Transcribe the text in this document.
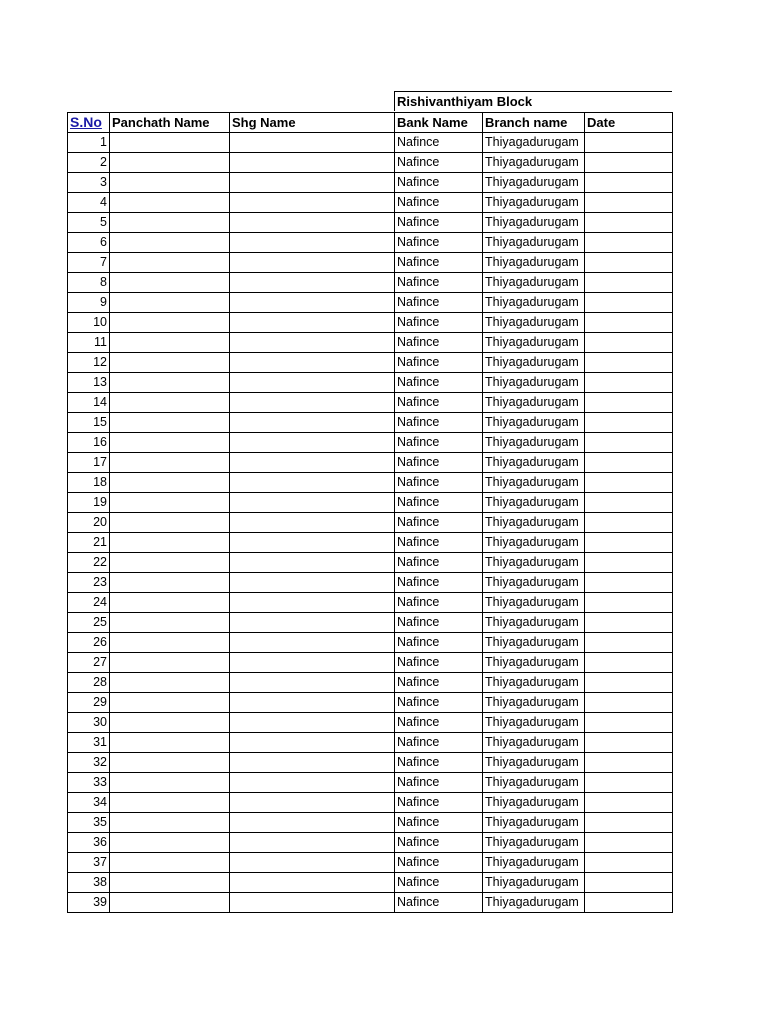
Rishivanthiyam Block
S.No	Panchath Name	Shg Name	Bank Name	Branch name	Date
1			Nafince	Thiyagadurugam	
2			Nafince	Thiyagadurugam	
3			Nafince	Thiyagadurugam	
4			Nafince	Thiyagadurugam	
5			Nafince	Thiyagadurugam	
6			Nafince	Thiyagadurugam	
7			Nafince	Thiyagadurugam	
8			Nafince	Thiyagadurugam	
9			Nafince	Thiyagadurugam	
10			Nafince	Thiyagadurugam	
11			Nafince	Thiyagadurugam	
12			Nafince	Thiyagadurugam	
13			Nafince	Thiyagadurugam	
14			Nafince	Thiyagadurugam	
15			Nafince	Thiyagadurugam	
16			Nafince	Thiyagadurugam	
17			Nafince	Thiyagadurugam	
18			Nafince	Thiyagadurugam	
19			Nafince	Thiyagadurugam	
20			Nafince	Thiyagadurugam	
21			Nafince	Thiyagadurugam	
22			Nafince	Thiyagadurugam	
23			Nafince	Thiyagadurugam	
24			Nafince	Thiyagadurugam	
25			Nafince	Thiyagadurugam	
26			Nafince	Thiyagadurugam	
27			Nafince	Thiyagadurugam	
28			Nafince	Thiyagadurugam	
29			Nafince	Thiyagadurugam	
30			Nafince	Thiyagadurugam	
31			Nafince	Thiyagadurugam	
32			Nafince	Thiyagadurugam	
33			Nafince	Thiyagadurugam	
34			Nafince	Thiyagadurugam	
35			Nafince	Thiyagadurugam	
36			Nafince	Thiyagadurugam	
37			Nafince	Thiyagadurugam	
38			Nafince	Thiyagadurugam	
39			Nafince	Thiyagadurugam	
